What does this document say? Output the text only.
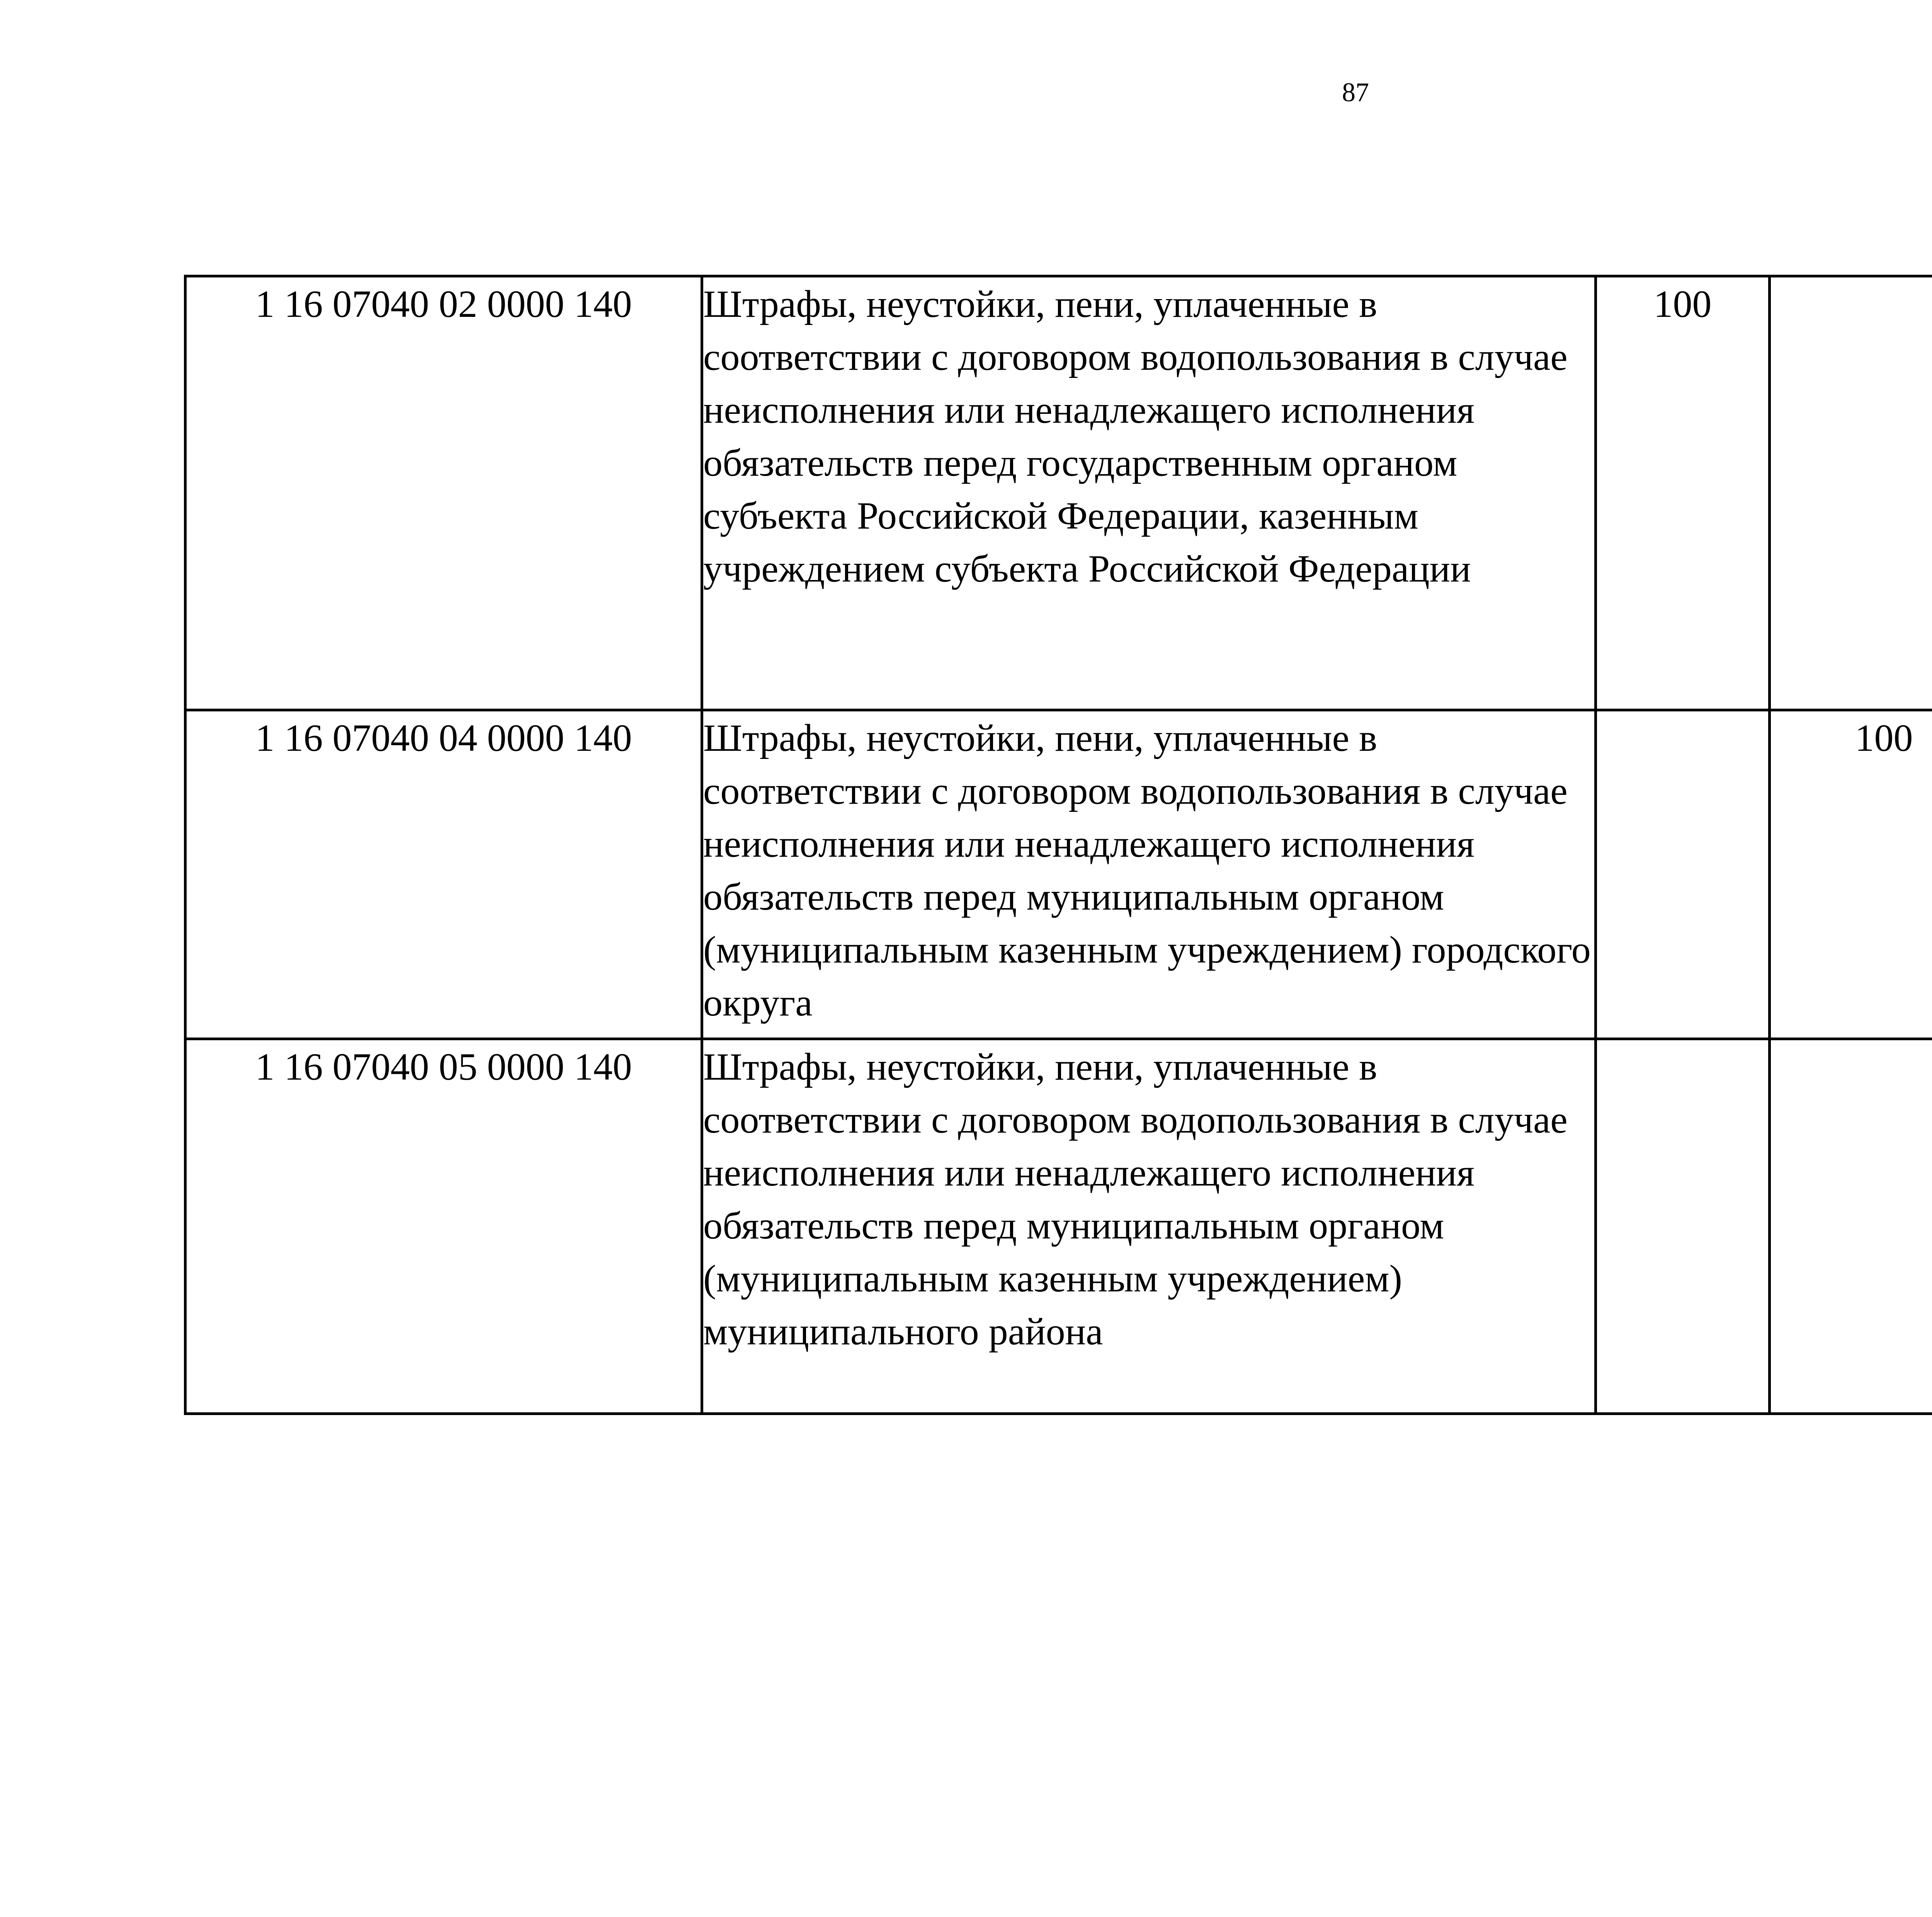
87
1 16 07040 02 0000 140	Штрафы, неустойки, пени, уплаченные в соответствии с договором водопользования в случае неисполнения или ненадлежащего исполнения обязательств перед государственным органом субъекта Российской Федерации, казенным учреждением субъекта Российской Федерации	100				
1 16 07040 04 0000 140	Штрафы, неустойки, пени, уплаченные в соответствии с договором водопользования в случае неисполнения или ненадлежащего исполнения обязательств перед муниципальным органом (муниципальным казенным учреждением) городского округа		100			
1 16 07040 05 0000 140	Штрафы, неустойки, пени, уплаченные в соответствии с договором водопользования в случае неисполнения или ненадлежащего исполнения обязательств перед муниципальным органом (муниципальным казенным учреждением) муниципального района					
